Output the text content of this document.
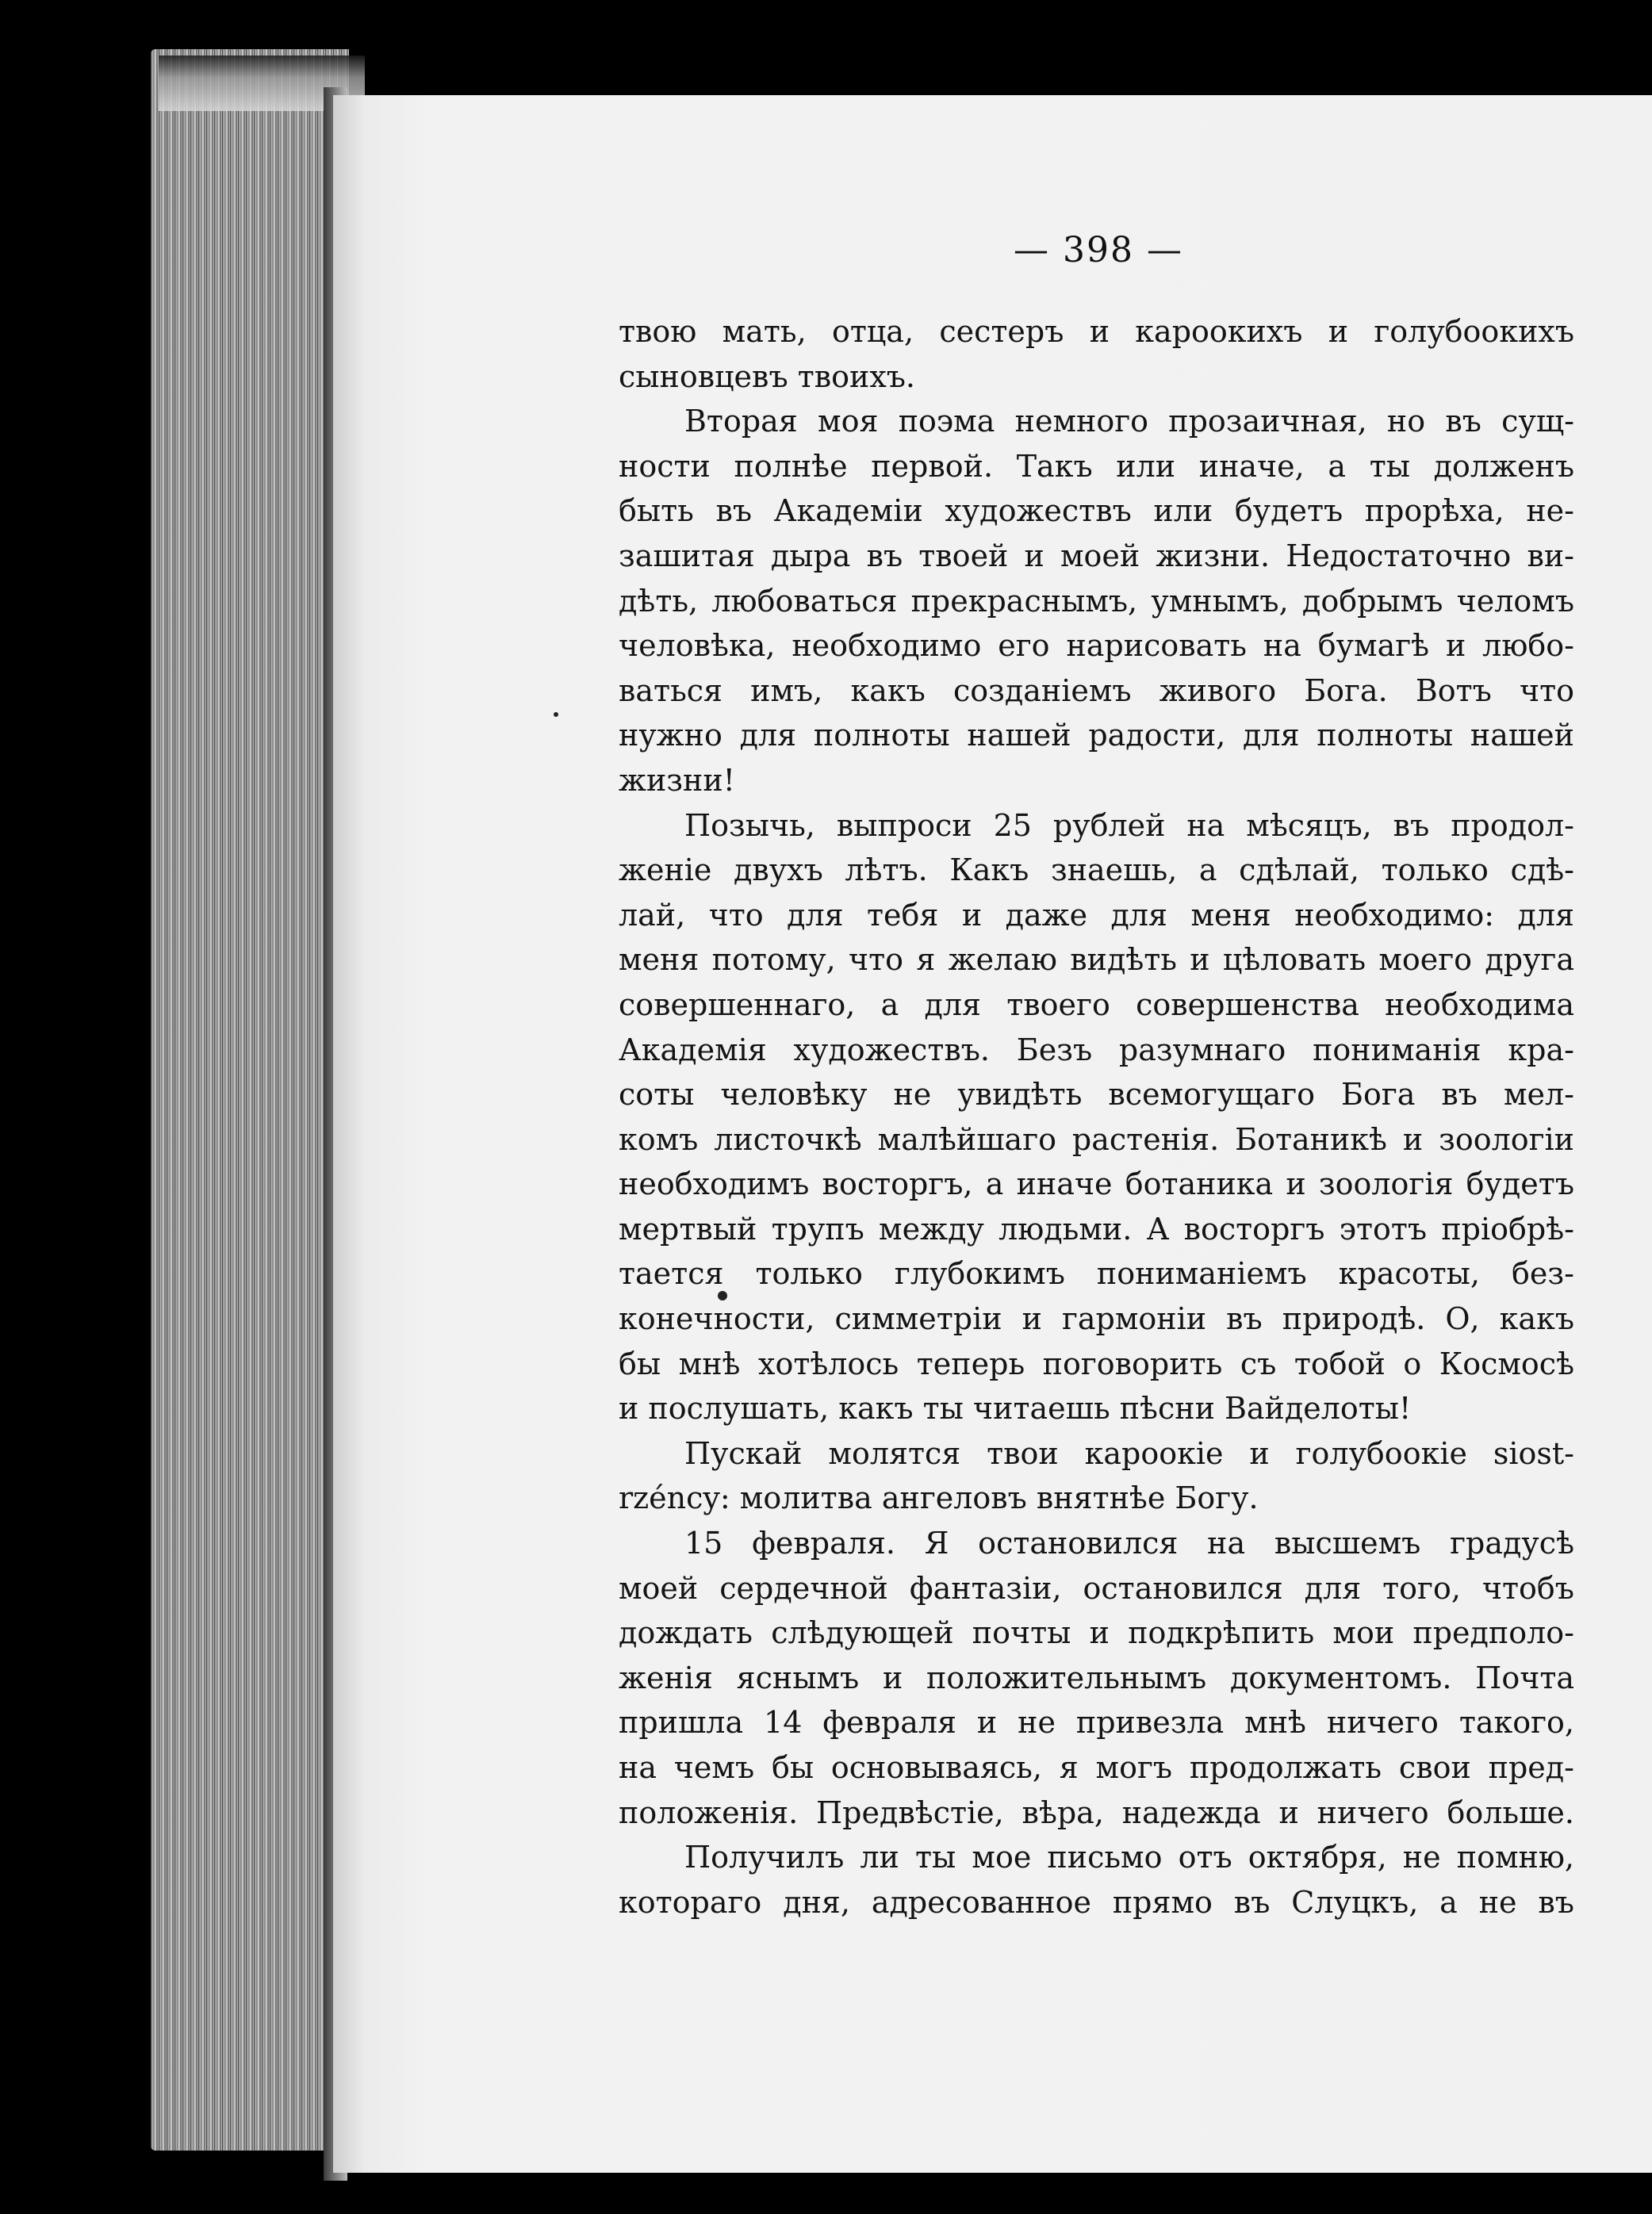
— 398 —
твою мать, отца, сестеръ и кароокихъ и голубоокихъ
сыновцевъ твоихъ.
Вторая моя поэма немного прозаичная, но въ сущ-
ности полнѣе первой. Такъ или иначе, а ты долженъ
быть въ Академіи художествъ или будетъ прорѣха, не-
зашитая дыра въ твоей и моей жизни. Недостаточно ви-
дѣть, любоваться прекраснымъ, умнымъ, добрымъ челомъ
человѣка, необходимо его нарисовать на бумагѣ и любо-
ваться имъ, какъ созданіемъ живого Бога. Вотъ что
нужно для полноты нашей радости, для полноты нашей
жизни!
Позычь, выпроси 25 рублей на мѣсяцъ, въ продол-
женіе двухъ лѣтъ. Какъ знаешь, а сдѣлай, только сдѣ-
лай, что для тебя и даже для меня необходимо: для
меня потому, что я желаю видѣть и цѣловать моего друга
совершеннаго, а для твоего совершенства необходима
Академія художествъ. Безъ разумнаго пониманія кра-
соты человѣку не увидѣть всемогущаго Бога въ мел-
комъ листочкѣ малѣйшаго растенія. Ботаникѣ и зоологіи
необходимъ восторгъ, а иначе ботаника и зоологія будетъ
мертвый трупъ между людьми. А восторгъ этотъ пріобрѣ-
тается только глубокимъ пониманіемъ красоты, без-
конечности, симметріи и гармоніи въ природѣ. О, какъ
бы мнѣ хотѣлось теперь поговорить съ тобой о Космосѣ
и послушать, какъ ты читаешь пѣсни Вайделоты!
Пускай молятся твои кароокіе и голубоокіе siost-
rzéncy: молитва ангеловъ внятнѣе Богу.
15 февраля. Я остановился на высшемъ градусѣ
моей сердечной фантазіи, остановился для того, чтобъ
дождать слѣдующей почты и подкрѣпить мои предполо-
женія яснымъ и положительнымъ документомъ. Почта
пришла 14 февраля и не привезла мнѣ ничего такого,
на чемъ бы основываясь, я могъ продолжать свои пред-
положенія. Предвѣстіе, вѣра, надежда и ничего больше.
Получилъ ли ты мое письмо отъ октября, не помню,
котораго дня, адресованное прямо въ Слуцкъ, а не въ
